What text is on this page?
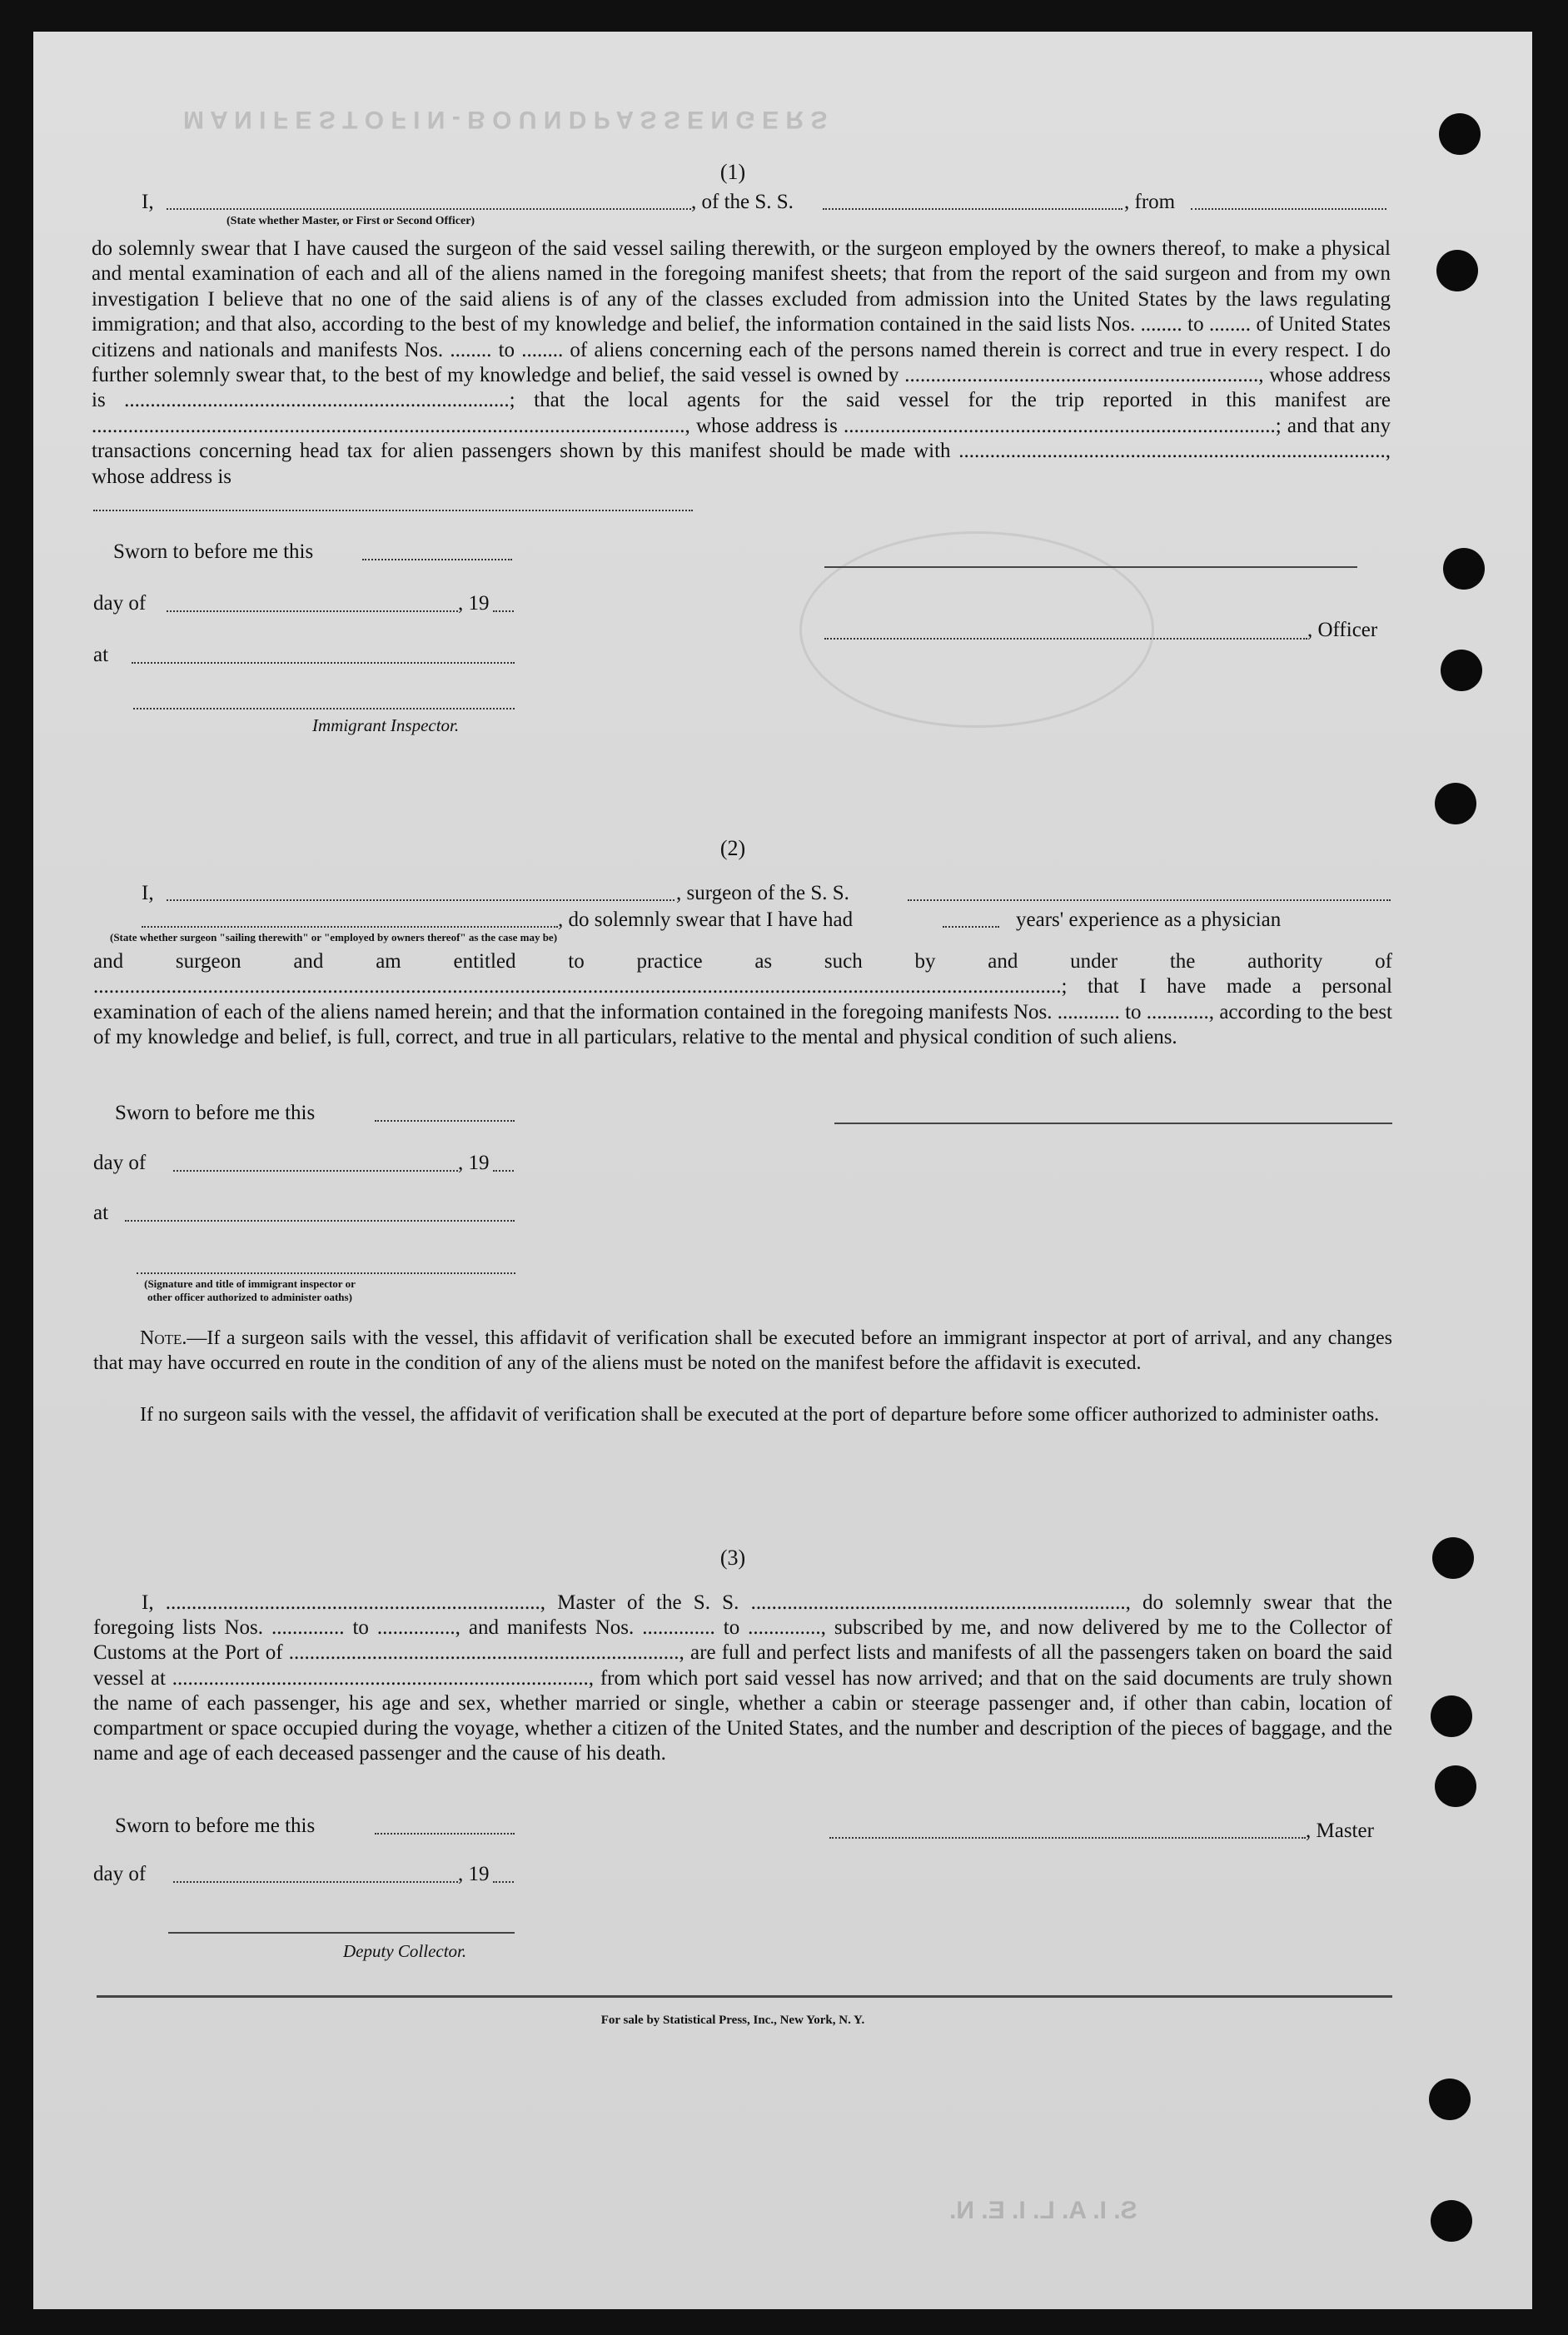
M A N I F E S T O F I N - B O U N D P A S S E N G E R S
S. I. A. L. I. E. N.
(1)
I,	, of the S. S.	, from
(State whether Master, or First or Second Officer)
do solemnly swear that I have caused the surgeon of the said vessel sailing therewith, or the surgeon employed by the owners thereof, to make a physical and mental examination of each and all of the aliens named in the foregoing manifest sheets; that from the report of the said surgeon and from my own investigation I believe that no one of the said aliens is of any of the classes excluded from admission into the United States by the laws regulating immigration; and that also, according to the best of my knowledge and belief, the information contained in the said lists Nos. ........ to ........ of United States citizens and nationals and manifests Nos. ........ to ........ of aliens concerning each of the persons named therein is correct and true in every respect. I do further solemnly swear that, to the best of my knowledge and belief, the said vessel is owned by ...................................................................., whose address is ..........................................................................; that the local agents for the said vessel for the trip reported in this manifest are .................................................................................................................., whose address is ...................................................................................; and that any transactions concerning head tax for alien passengers shown by this manifest should be made with .................................................................................., whose address is
Sworn to before me this
day of	, 19
at
Immigrant Inspector.
, Officer
(2)
I,	, surgeon of the S. S.
, do solemnly swear that I have had	years' experience as a physician
(State whether surgeon "sailing therewith" or "employed by owners thereof" as the case may be)
and surgeon and am entitled to practice as such by and under the authority of ..........................................................................................................................................................................................; that I have made a personal examination of each of the aliens named herein; and that the information contained in the foregoing manifests Nos. ............ to ............, according to the best of my knowledge and belief, is full, correct, and true in all particulars, relative to the mental and physical condition of such aliens.
Sworn to before me this
day of	, 19
at
(Signature and title of immigrant inspector or other officer authorized to administer oaths)
Note.—If a surgeon sails with the vessel, this affidavit of verification shall be executed before an immigrant inspector at port of arrival, and any changes that may have occurred en route in the condition of any of the aliens must be noted on the manifest before the affidavit is executed.
If no surgeon sails with the vessel, the affidavit of verification shall be executed at the port of departure before some officer authorized to administer oaths.
(3)
I, ........................................................................, Master of the S. S. ........................................................................, do solemnly swear that the foregoing lists Nos. .............. to ..............., and manifests Nos. .............. to .............., subscribed by me, and now delivered by me to the Collector of Customs at the Port of ..........................................................................., are full and perfect lists and manifests of all the passengers taken on board the said vessel at ................................................................................, from which port said vessel has now arrived; and that on the said documents are truly shown the name of each passenger, his age and sex, whether married or single, whether a cabin or steerage passenger and, if other than cabin, location of compartment or space occupied during the voyage, whether a citizen of the United States, and the number and description of the pieces of baggage, and the name and age of each deceased passenger and the cause of his death.
Sworn to before me this	, Master
day of	, 19
Deputy Collector.
For sale by Statistical Press, Inc., New York, N. Y.
